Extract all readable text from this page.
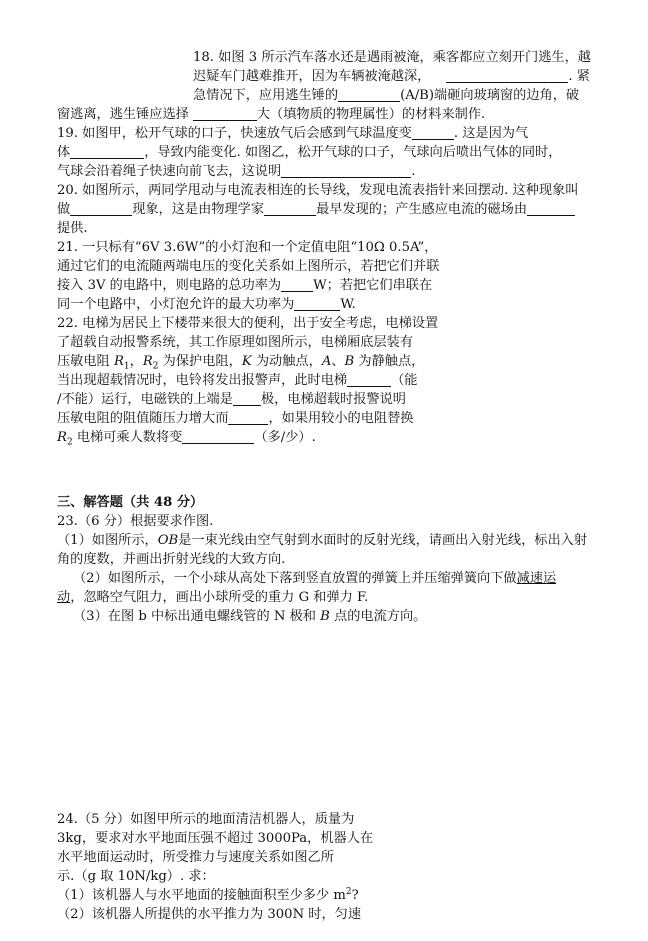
18. 如图 3 所示汽车落水还是遇雨被淹，乘客都应立刻开门逃生，越
迟疑车门越难推开，因为车辆被淹越深，	. 紧
急情况下，应用逃生锤的	(A/B)端砸向玻璃窗的边角，破
窗逃离，逃生锤应选择	大（填物质的物理属性）的材料来制作.
19. 如图甲，松开气球的口子，快速放气后会感到气球温度变	. 这是因为气
体	，导致内能变化. 如图乙，松开气球的口子，气球向后喷出气体的同时，
气球会沿着绳子快速向前飞去，这说明	.
20. 如图所示，两同学甩动与电流表相连的长导线，发现电流表指针来回摆动. 这种现象叫
做	现象，这是由物理学家	最早发现的；产生感应电流的磁场由
提供.
21. 一只标有“6V 3.6W”的小灯泡和一个定值电阻“10Ω 0.5A”，
通过它们的电流随两端电压的变化关系如上图所示，若把它们并联
接入 3V 的电路中，则电路的总功率为 W；若把它们串联在
同一个电路中，小灯泡允许的最大功率为	W.
22. 电梯为居民上下楼带来很大的便利，出于安全考虑，电梯设置
了超载自动报警系统，其工作原理如图所示，电梯厢底层装有
压敏电阻 $R_1$，$R_2$ 为保护电阻，K 为动触点，A、B 为静触点，
当出现超载情况时，电铃将发出报警声，此时电梯	（能
/不能）运行，电磁铁的上端是 极，电梯超载时报警说明
压敏电阻的阻值随压力增大而	，如果用较小的电阻替换
$R_2$ 电梯可乘人数将变	（多/少）.
三、解答题（共 48 分）
23.（6 分）根据要求作图.
（1）如图所示，OB是一束光线由空气射到水面时的反射光线，请画出入射光线，标出入射
角的度数，并画出折射光线的大致方向.
（2）如图所示，一个小球从高处下落到竖直放置的弹簧上并压缩弹簧向下做减速运
动，忽略空气阻力，画出小球所受的重力 G 和弹力 F.
（3）在图 b 中标出通电螺线管的 N 极和 B 点的电流方向。
24.（5 分）如图甲所示的地面清洁机器人，质量为
3kg，要求对水平地面压强不超过 3000Pa，机器人在
水平地面运动时，所受推力与速度关系如图乙所
示.（g 取 10N/kg）. 求：
（1）该机器人与水平地面的接触面积至少多少 $m^2$?
（2）该机器人所提供的水平推力为 300N 时，匀速
